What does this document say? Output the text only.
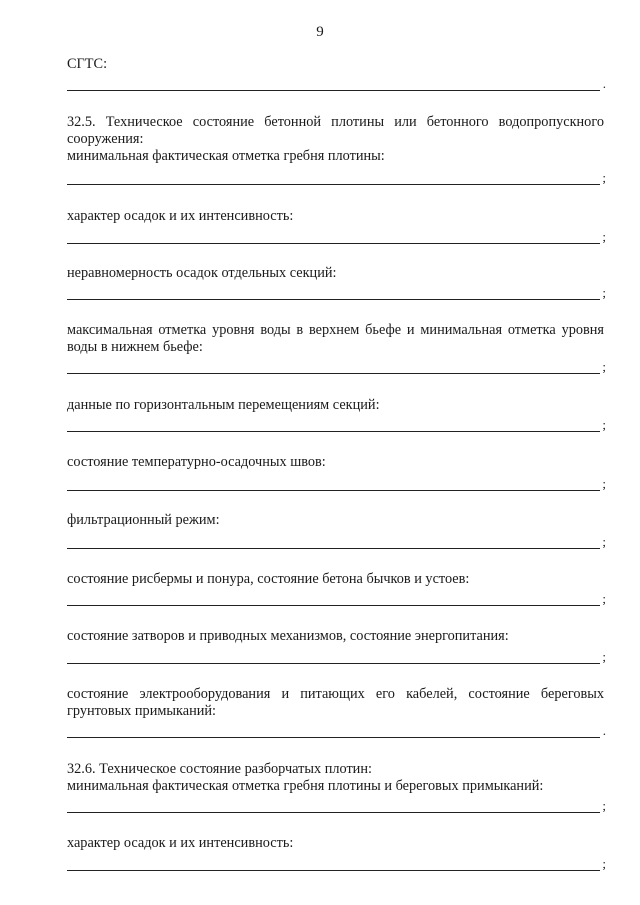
9
СГТС:
.
32.5. Техническое состояние бетонной плотины или бетонного водопропускного сооружения:
минимальная фактическая отметка гребня плотины:
;
характер осадок и их интенсивность:
;
неравномерность осадок отдельных секций:
;
максимальная отметка уровня воды в верхнем бьефе и минимальная отметка уровня воды в нижнем бьефе:
;
данные по горизонтальным перемещениям секций:
;
состояние температурно-осадочных швов:
;
фильтрационный режим:
;
состояние рисбермы и понура, состояние бетона бычков и устоев:
;
состояние затворов и приводных механизмов, состояние энергопитания:
;
состояние электрооборудования и питающих его кабелей, состояние береговых грунтовых примыканий:
.
32.6. Техническое состояние разборчатых плотин:
минимальная фактическая отметка гребня плотины и береговых примыканий:
;
характер осадок и их интенсивность:
;
